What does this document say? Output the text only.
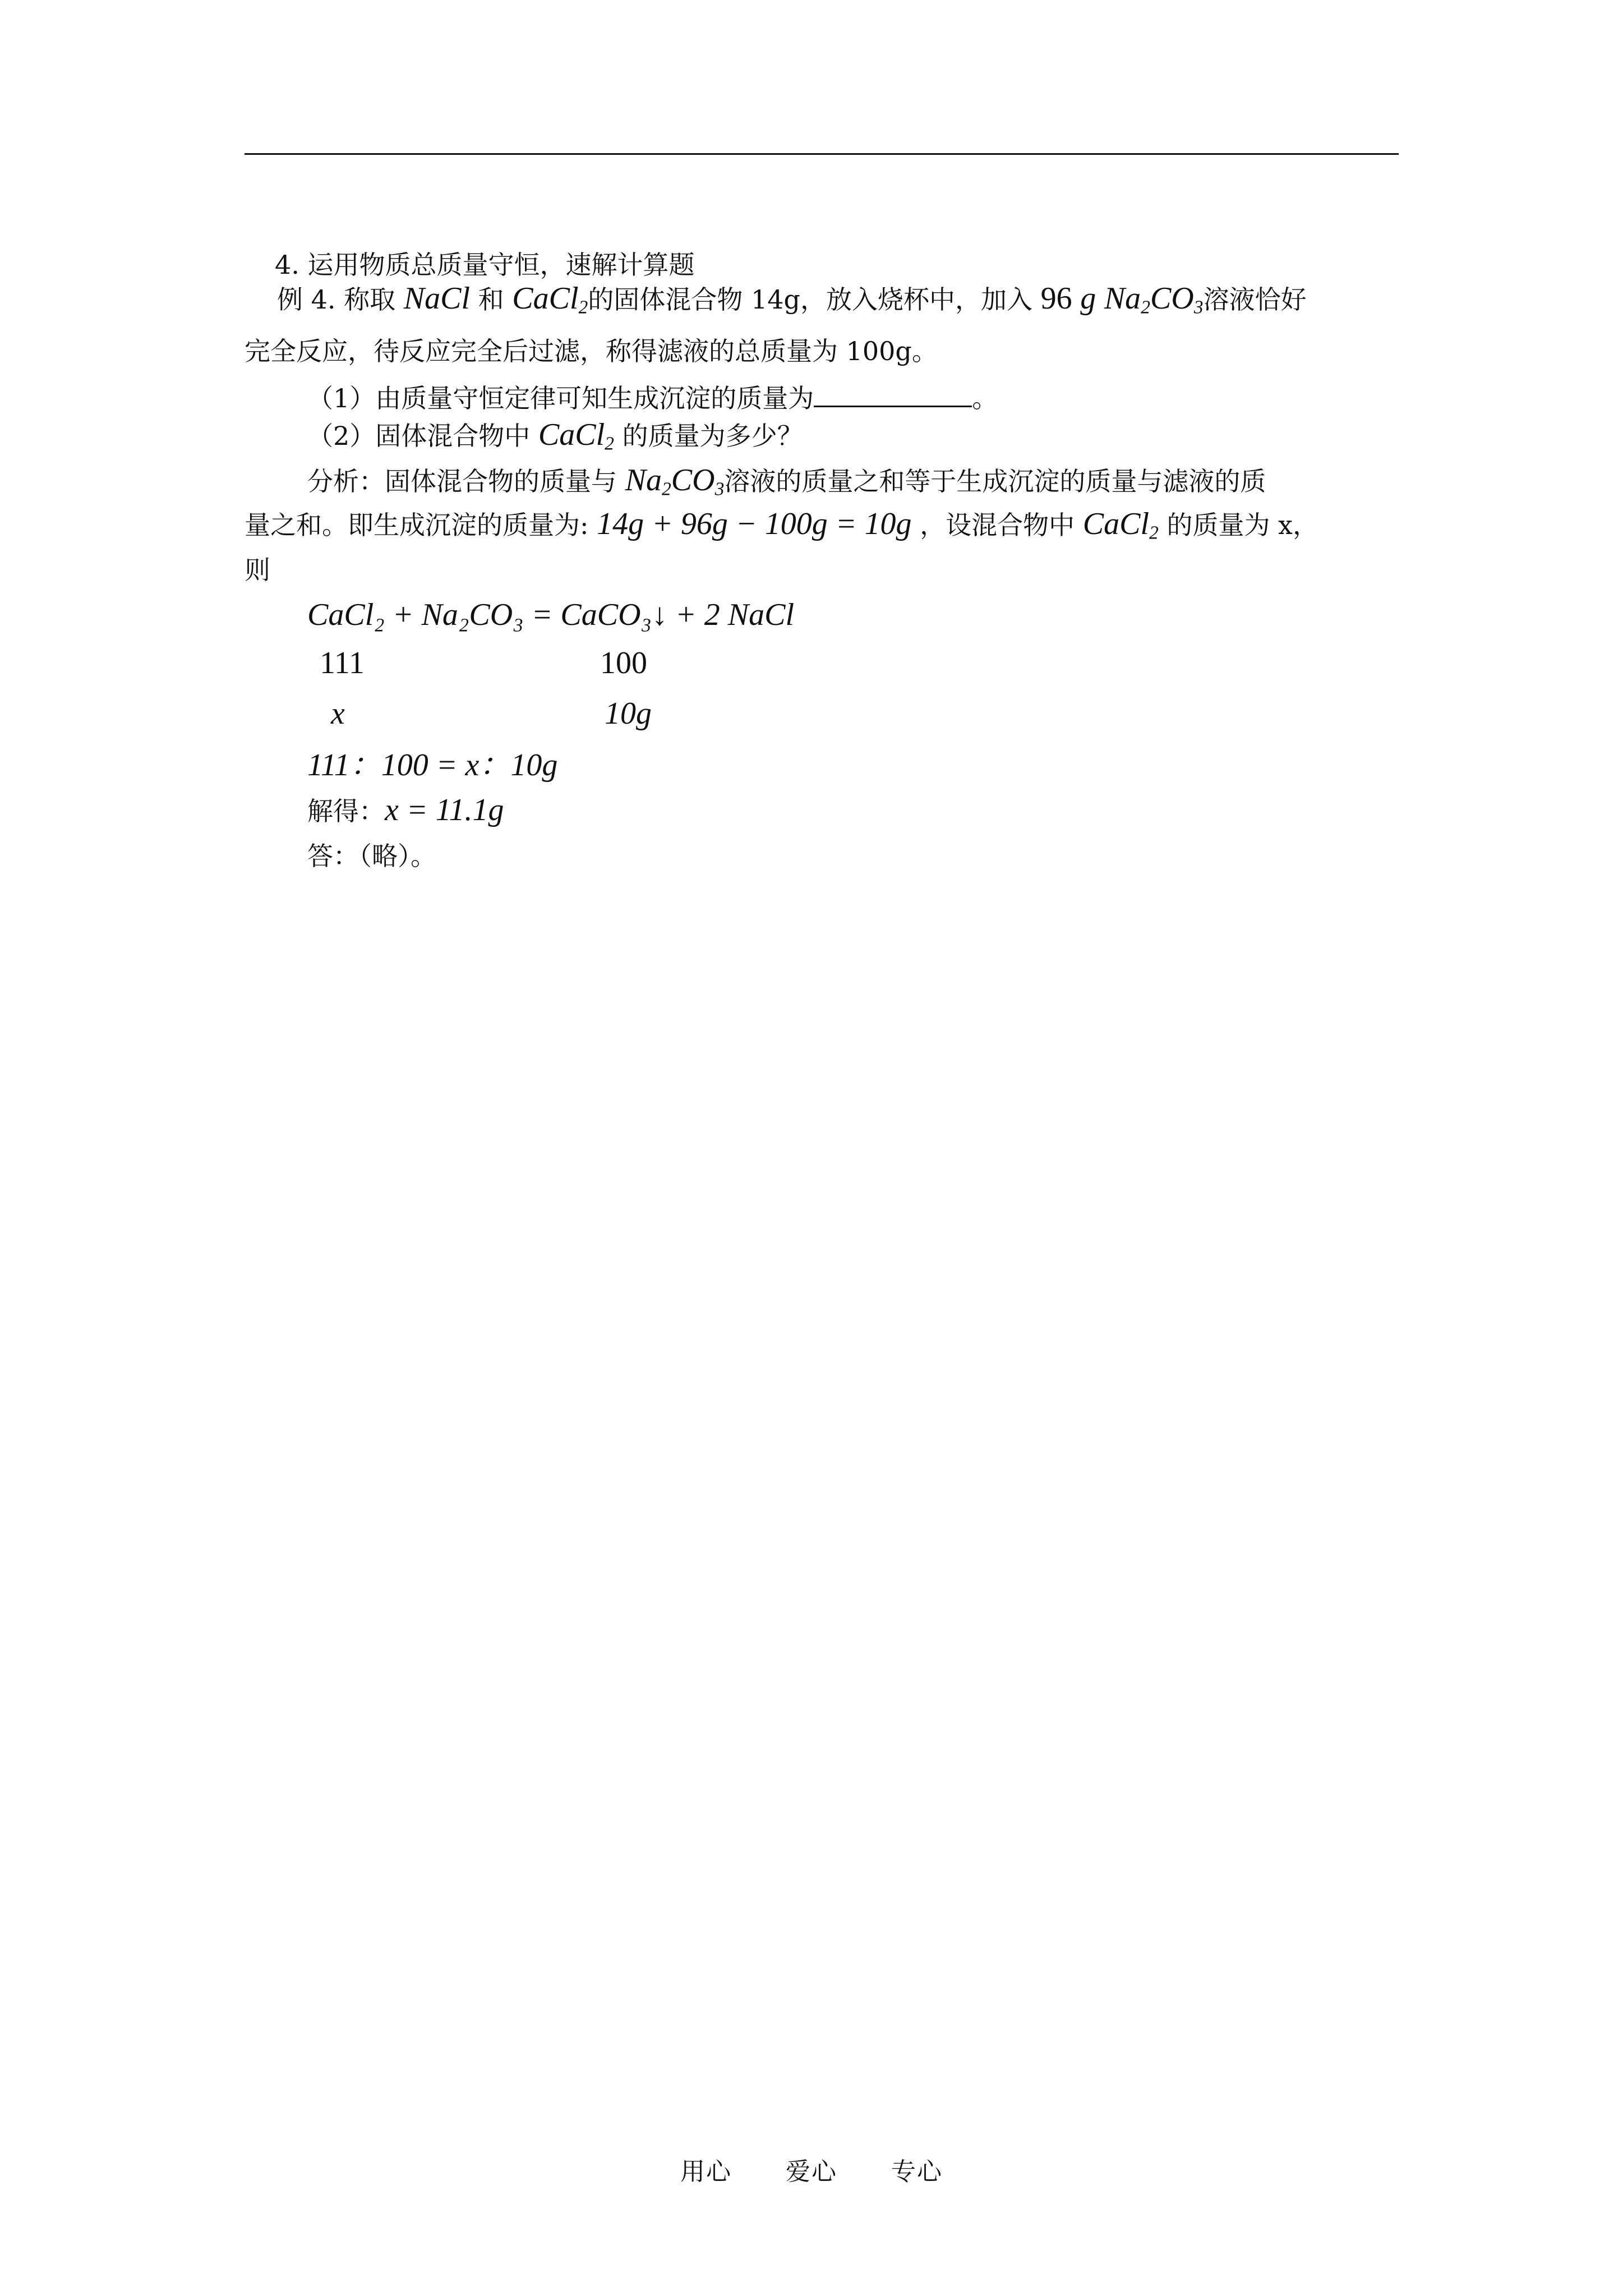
4. 运用物质总质量守恒，速解计算题
例 4. 称取 NaCl 和 CaCl$_2$的固体混合物 14g，放入烧杯中，加入 96 g $Na_2CO_3$溶液恰好
完全反应，待反应完全后过滤，称得滤液的总质量为 100g。
（1）由质量守恒定律可知生成沉淀的质量为	。
（2）固体混合物中 CaCl$_2$ 的质量为多少？
分析：固体混合物的质量与 $Na_2CO_3$溶液的质量之和等于生成沉淀的质量与滤液的质
量之和。即生成沉淀的质量为: 14g + 96g − 100g = 10g ，设混合物中 CaCl$_2$ 的质量为 x，
则
CaCl₂ + Na₂CO₃ = CaCO₃↓ + 2 NaCl
111	100
x	10g
111：100 = x：10g
解得：x = 11.1g
答：（略）。
用心 爱心 专心
